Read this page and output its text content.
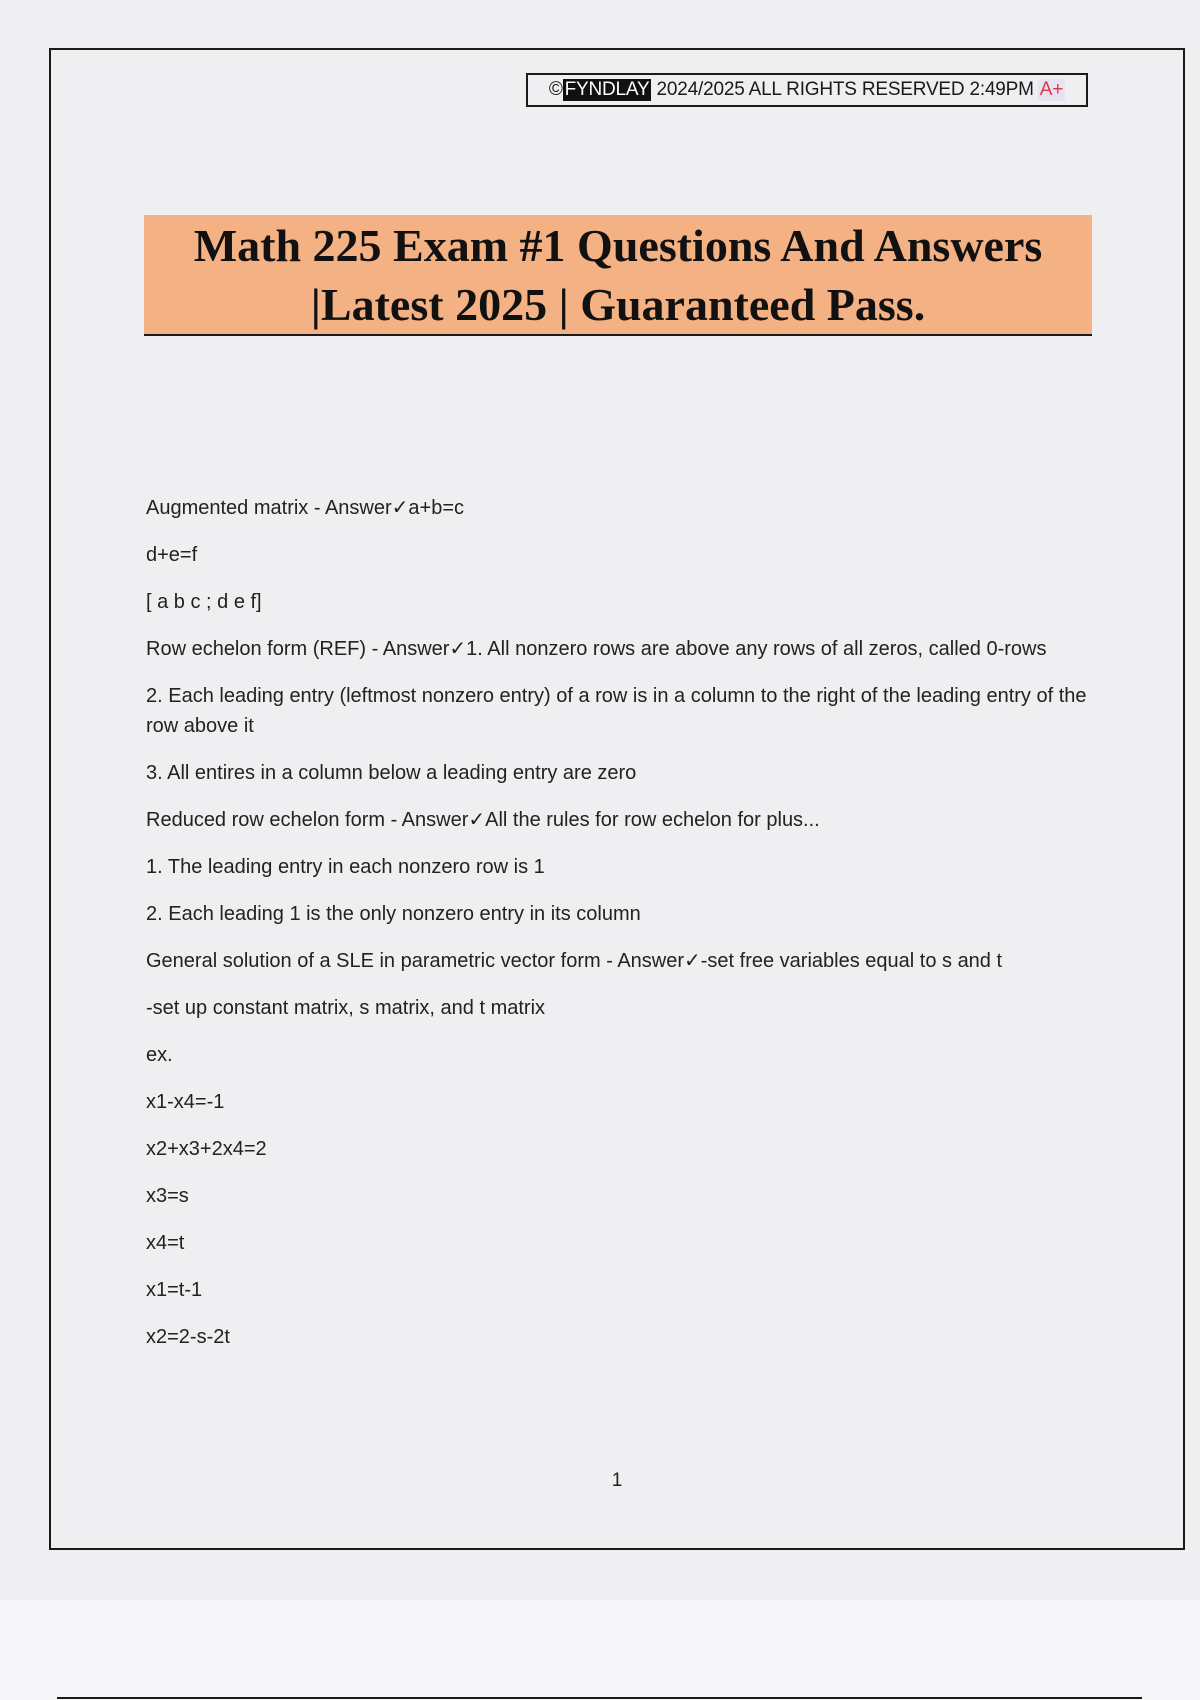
© FYNDLAY 2024/2025 ALL RIGHTS RESERVED 2:49PM A+
Math 225 Exam #1 Questions And Answers
|Latest 2025 | Guaranteed Pass.

Augmented matrix - Answer✓a+b=c

d+e=f

[ a b c ; d e f]

Row echelon form (REF) - Answer✓1. All nonzero rows are above any rows of all zeros, called 0-rows

2. Each leading entry (leftmost nonzero entry) of a row is in a column to the right of the leading entry of the row above it

3. All entires in a column below a leading entry are zero

Reduced row echelon form - Answer✓All the rules for row echelon for plus...

1. The leading entry in each nonzero row is 1

2. Each leading 1 is the only nonzero entry in its column

General solution of a SLE in parametric vector form - Answer✓-set free variables equal to s and t

-set up constant matrix, s matrix, and t matrix

ex.

x1-x4=-1

x2+x3+2x4=2

x3=s

x4=t

x1=t-1

x2=2-s-2t

1
